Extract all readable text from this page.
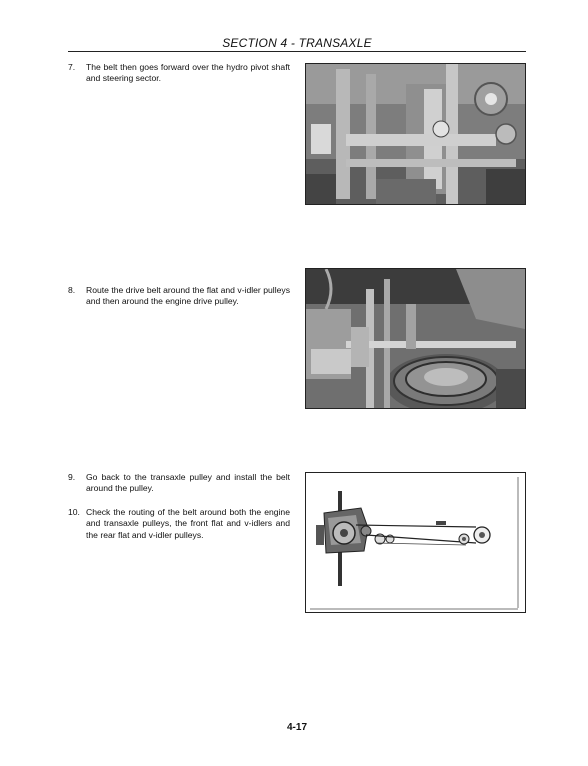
SECTION 4 - TRANSAXLE
7.	The belt then goes forward over the hydro pivot shaft and steering sector.
8.	Route the drive belt around the flat and v-idler pulleys and then around the engine drive pulley.
9.	Go back to the transaxle pulley and install the belt around the pulley.
10. Check the routing of the belt around both the engine and transaxle pulleys, the front flat and v-idlers and the rear flat and v-idler pulleys.
4-17
